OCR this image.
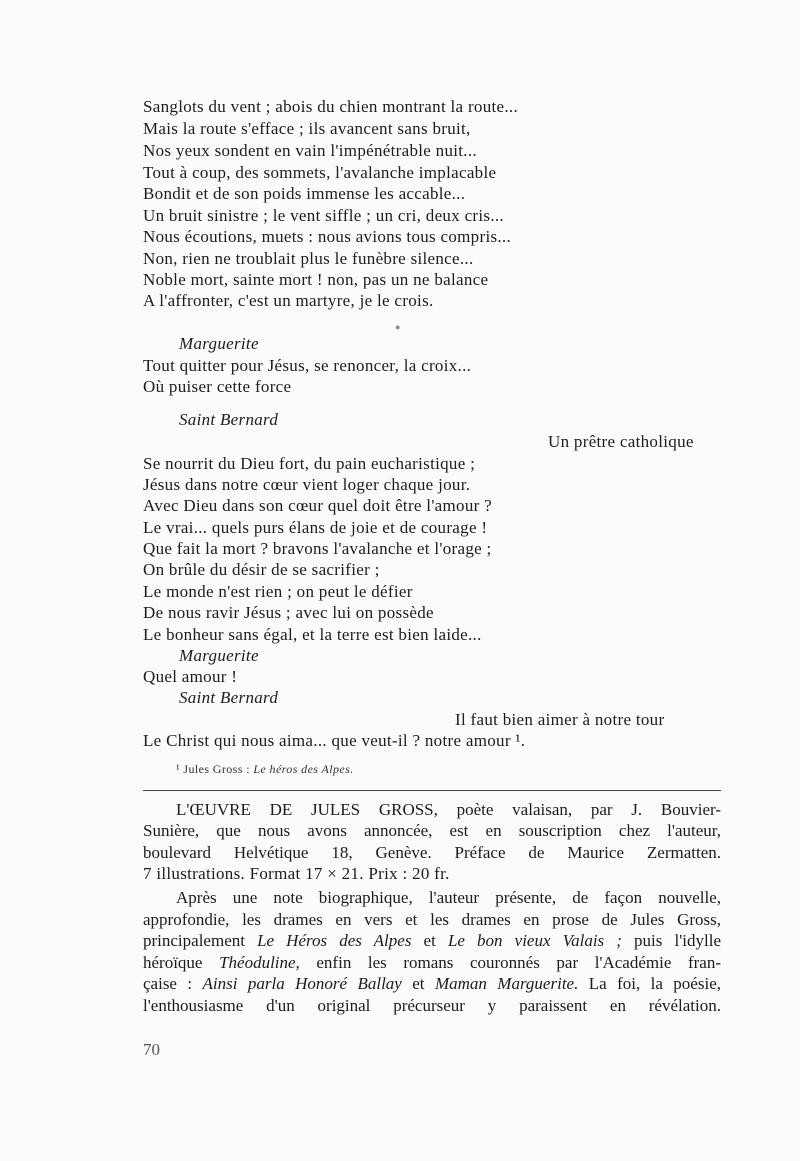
Sanglots du vent ; abois du chien montrant la route...
Mais la route s'efface ; ils avancent sans bruit,
Nos yeux sondent en vain l'impénétrable nuit...
Tout à coup, des sommets, l'avalanche implacable
Bondit et de son poids immense les accable...
Un bruit sinistre ; le vent siffle ; un cri, deux cris...
Nous écoutions, muets : nous avions tous compris...
Non, rien ne troublait plus le funèbre silence...
Noble mort, sainte mort ! non, pas un ne balance
A l'affronter, c'est un martyre, je le crois.
●
Marguerite
Tout quitter pour Jésus, se renoncer, la croix...
Où puiser cette force
Saint Bernard
Un prêtre catholique
Se nourrit du Dieu fort, du pain eucharistique ;
Jésus dans notre cœur vient loger chaque jour.
Avec Dieu dans son cœur quel doit être l'amour ?
Le vrai... quels purs élans de joie et de courage !
Que fait la mort ? bravons l'avalanche et l'orage ;
On brûle du désir de se sacrifier ;
Le monde n'est rien ; on peut le défier
De nous ravir Jésus ; avec lui on possède
Le bonheur sans égal, et la terre est bien laide...
Marguerite
Quel amour !
Saint Bernard
Il faut bien aimer à notre tour
Le Christ qui nous aima... que veut-il ? notre amour ¹.
¹ Jules Gross : Le héros des Alpes.
L'ŒUVRE DE JULES GROSS, poète valaisan, par J. Bouvier-
Sunière, que nous avons annoncée, est en souscription chez l'auteur,
boulevard Helvétique 18, Genève. Préface de Maurice Zermatten.
7 illustrations. Format 17 × 21. Prix : 20 fr.
Après une note biographique, l'auteur présente, de façon nouvelle,
approfondie, les drames en vers et les drames en prose de Jules Gross,
principalement Le Héros des Alpes et Le bon vieux Valais ; puis l'idylle
héroïque Théoduline, enfin les romans couronnés par l'Académie fran-
çaise : Ainsi parla Honoré Ballay et Maman Marguerite. La foi, la poésie,
l'enthousiasme d'un original précurseur y paraissent en révélation.
70
